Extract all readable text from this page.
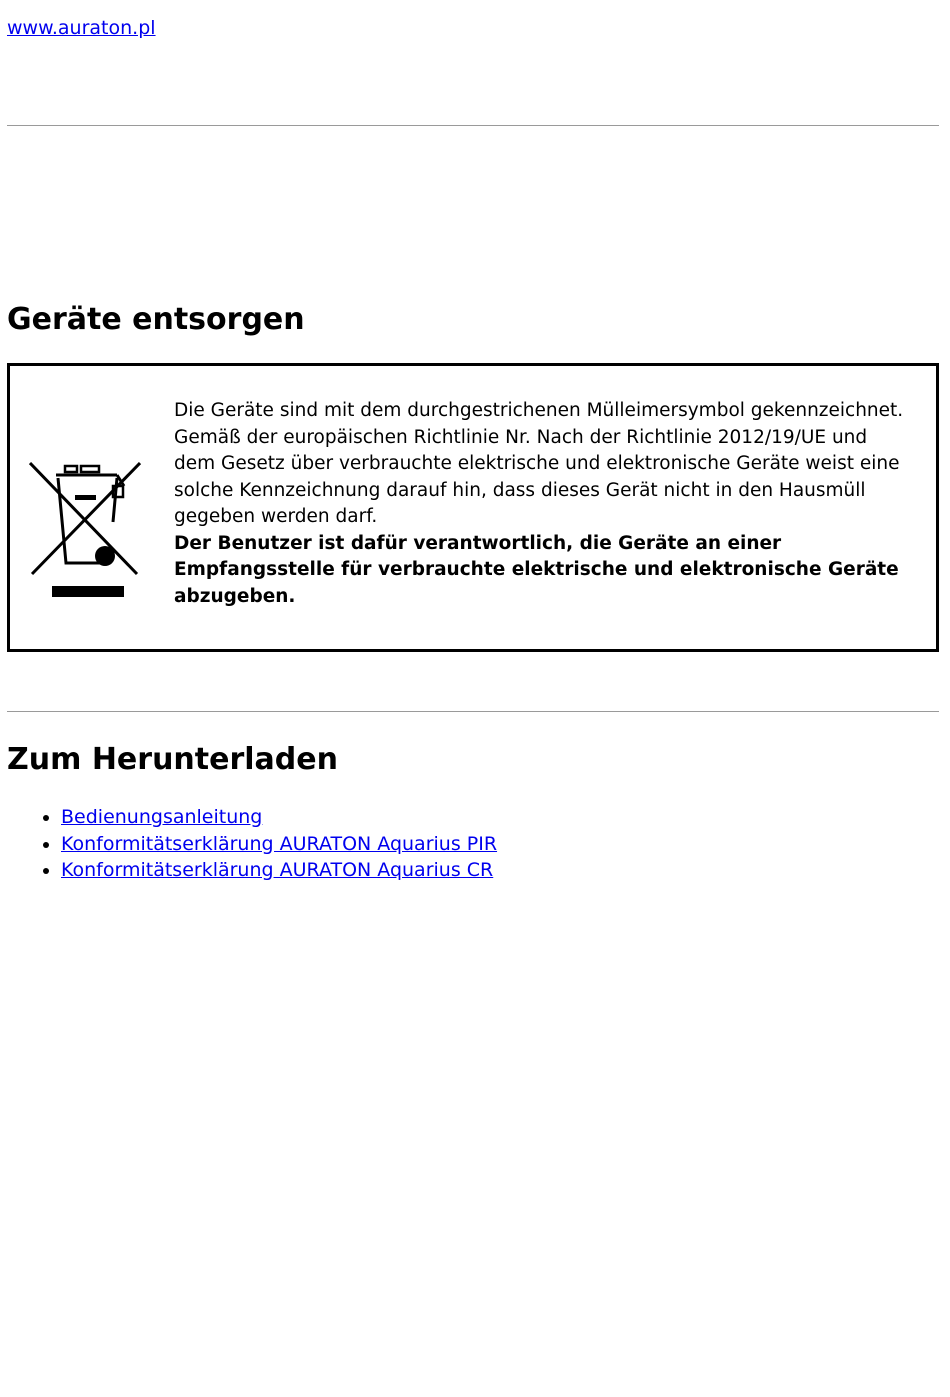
www.auraton.pl
Geräte entsorgen

Die Geräte sind mit dem durchgestrichenen Mülleimersymbol gekennzeichnet. Gemäß der europäischen Richtlinie Nr. Nach der Richtlinie 2012/19/UE und dem Gesetz über verbrauchte elektrische und elektronische Geräte weist eine solche Kennzeichnung darauf hin, dass dieses Gerät nicht in den Hausmüll gegeben werden darf.

Der Benutzer ist dafür verantwortlich, die Geräte an einer Empfangsstelle für verbrauchte elektrische und elektronische Geräte abzugeben.

Zum Herunterladen
• Bedienungsanleitung
• Konformitätserklärung AURATON Aquarius PIR
• Konformitätserklärung AURATON Aquarius CR
